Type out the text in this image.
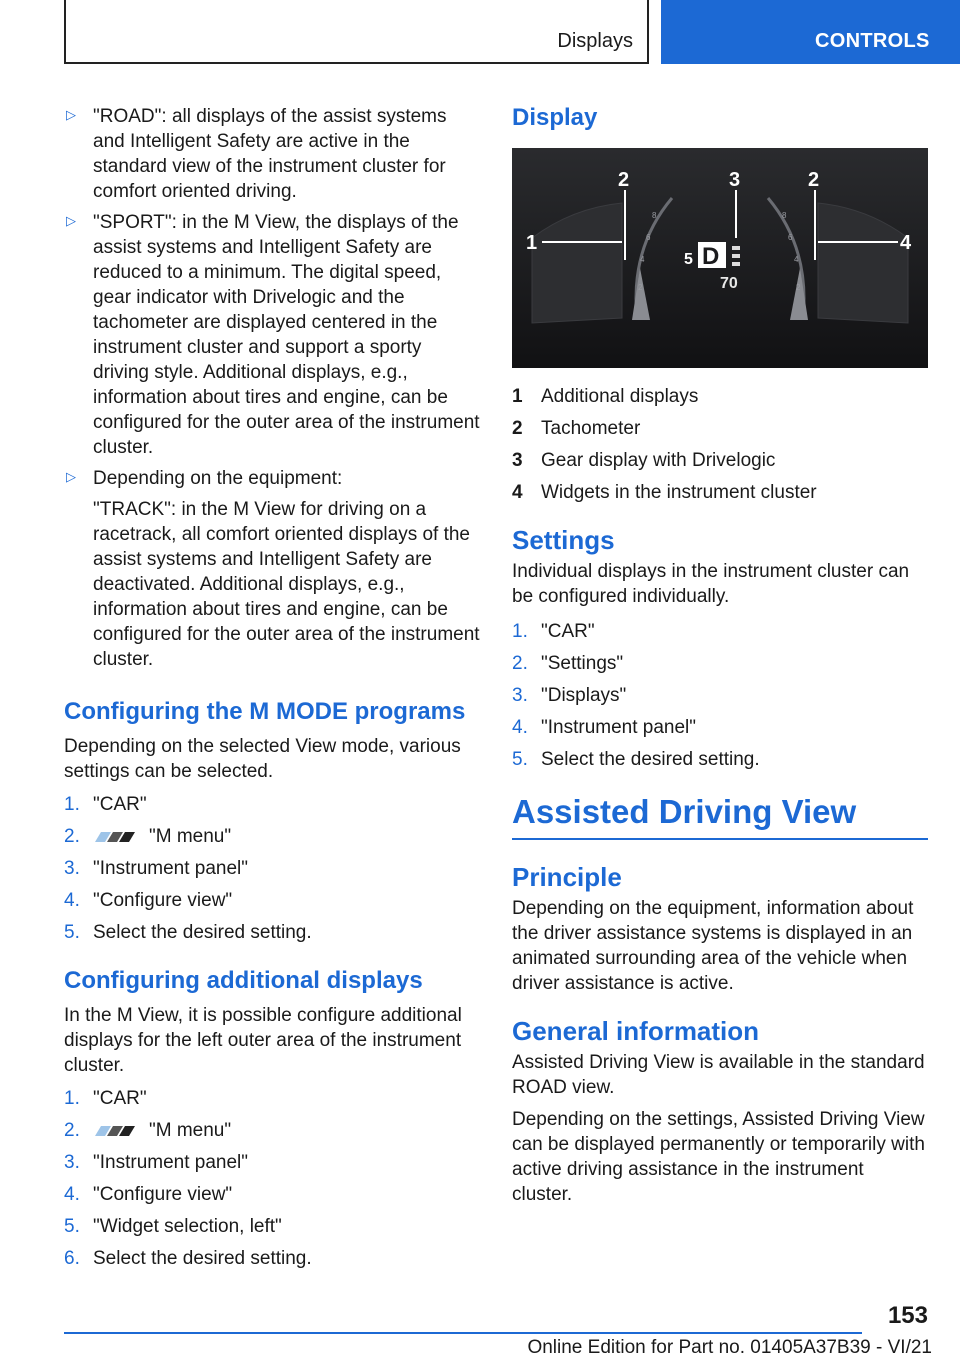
Displays	CONTROLS
▷ "ROAD": all displays of the assist systems and Intelligent Safety are active in the standard view of the instrument cluster for comfort oriented driving.

▷ "SPORT": in the M View, the displays of the assist systems and Intelligent Safety are reduced to a minimum. The digital speed, gear indicator with Drivelogic and the tachometer are displayed centered in the instrument cluster and support a sporty driving style. Additional displays, e.g., information about tires and engine, can be configured for the outer area of the instrument cluster.

▷ Depending on the equipment:

"TRACK": in the M View for driving on a racetrack, all comfort oriented displays of the assist systems and Intelligent Safety are deactivated. Additional displays, e.g., information about tires and engine, can be configured for the outer area of the instrument cluster.

Configuring the M MODE programs

Depending on the selected View mode, various settings can be selected.

1. "CAR"
2.	"M menu"
3. "Instrument panel"
4. "Configure view"
5. Select the desired setting.
Configuring additional displays

In the M View, it is possible configure additional displays for the left outer area of the instrument cluster.

1. "CAR"
2.	"M menu"
3. "Instrument panel"
4. "Configure view"
5. "Widget selection, left"
6. Select the desired setting.
Display
8
6
4
2
8
6
4
2
5 D
70
1
2	3	2
4
1 Additional displays
2 Tachometer
3 Gear display with Drivelogic
4 Widgets in the instrument cluster
Settings

Individual displays in the instrument cluster can be configured individually.

1. "CAR"
2. "Settings"
3. "Displays"
4. "Instrument panel"
5. Select the desired setting.
Assisted Driving View
Principle

Depending on the equipment, information about the driver assistance systems is displayed in an animated surrounding area of the vehicle when driver assistance is active.

General information

Assisted Driving View is available in the standard ROAD view.

Depending on the settings, Assisted Driving View can be displayed permanently or temporarily with active driving assistance in the instrument cluster.

153
Online Edition for Part no. 01405A37B39 - VI/21
